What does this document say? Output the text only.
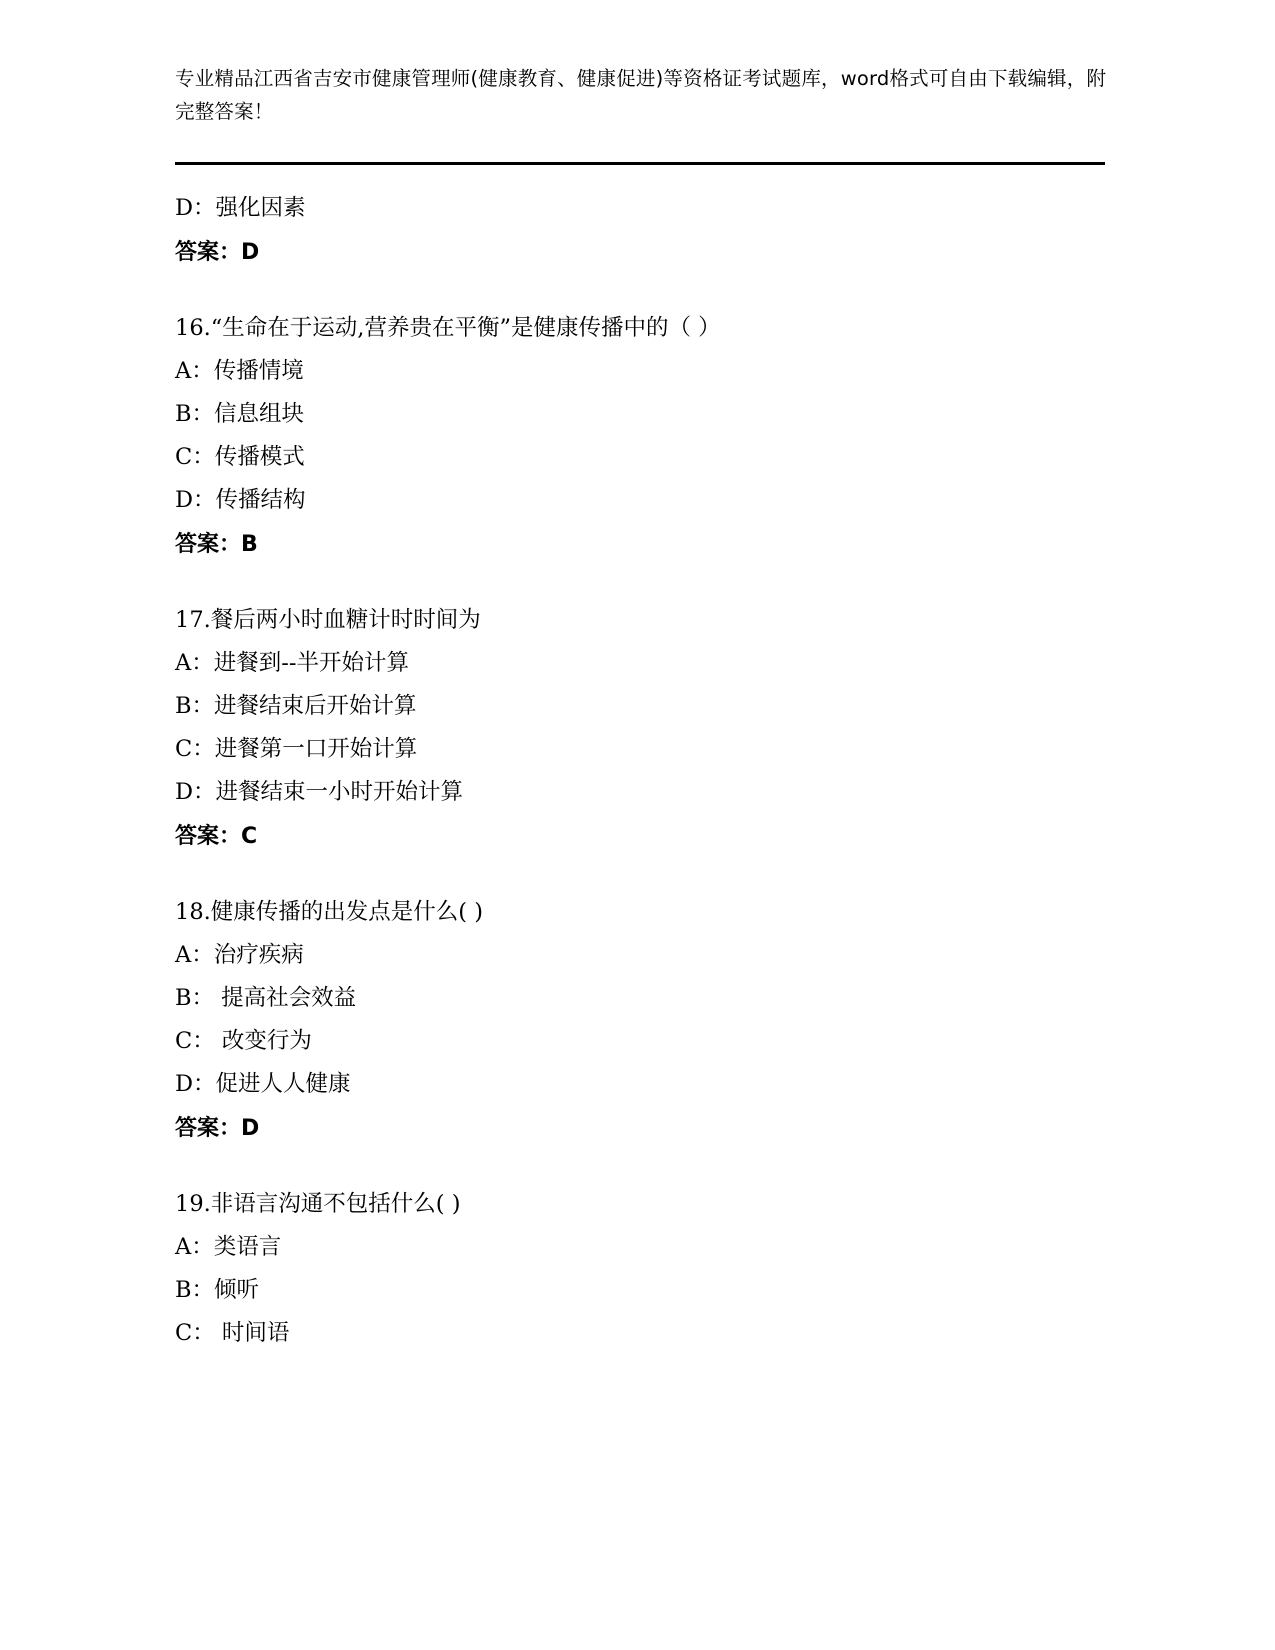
专业精品江西省吉安市健康管理师(健康教育、健康促进)等资格证考试题库，word格式可自由下载编辑，附完整答案！
D：强化因素
答案：D
16.“生命在于运动,营养贵在平衡”是健康传播中的（ ）
A：传播情境
B：信息组块
C：传播模式
D：传播结构
答案：B
17.餐后两小时血糖计时时间为
A：进餐到--半开始计算
B：进餐结束后开始计算
C：进餐第一口开始计算
D：进餐结束一小时开始计算
答案：C
18.健康传播的出发点是什么( )
A：治疗疾病
B： 提高社会效益
C： 改变行为
D：促进人人健康
答案：D
19.非语言沟通不包括什么( )
A：类语言
B：倾听
C： 时间语
